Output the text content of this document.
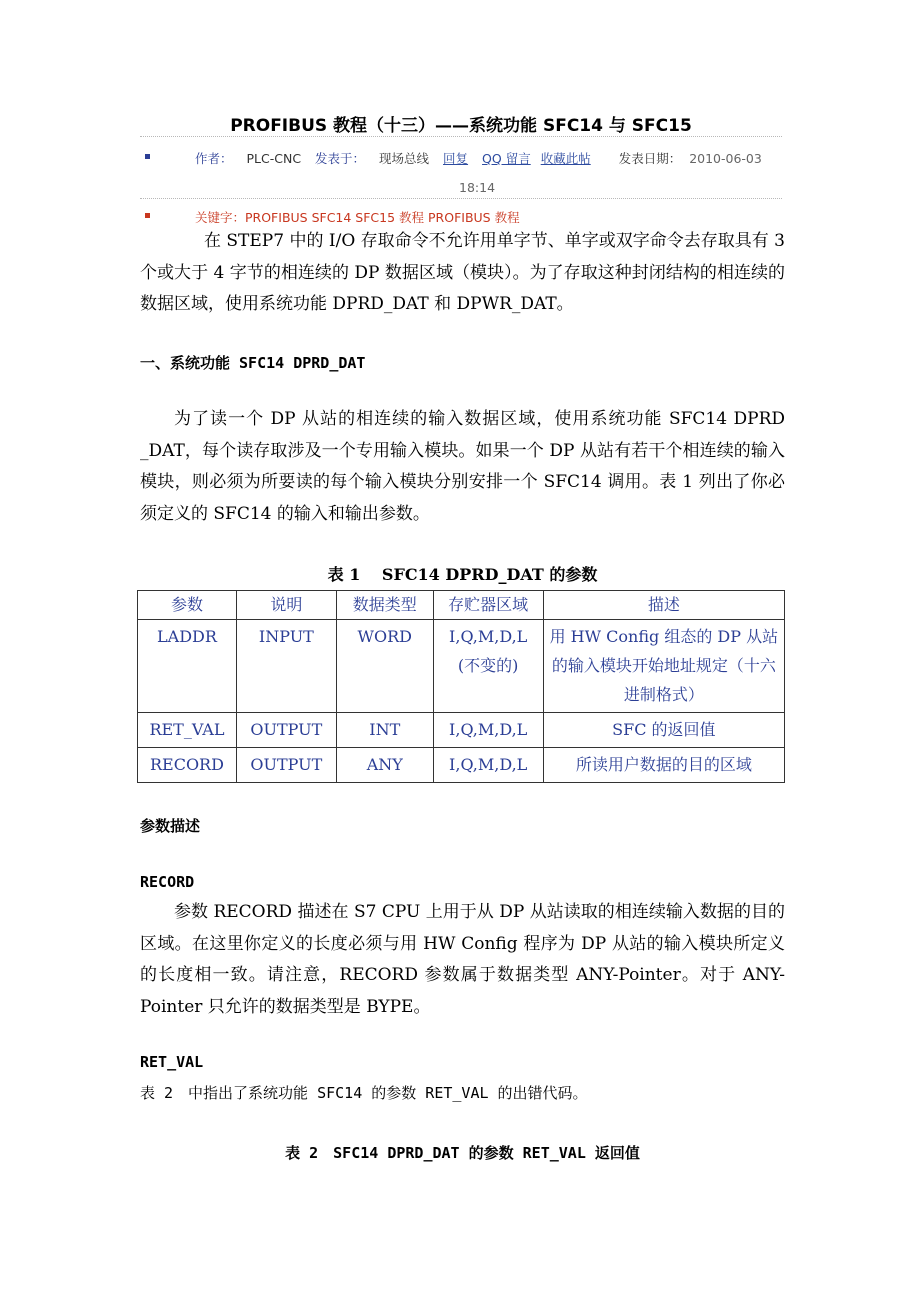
PROFIBUS 教程（十三）——系统功能 SFC14 与 SFC15
作者： PLC-CNC 发表于： 现场总线 回复 QQ 留言 收藏此帖 发表日期： 2010-06-03
18:14
关键字：PROFIBUS SFC14 SFC15 教程 PROFIBUS 教程

在 STEP7 中的 I/O 存取命令不允许用单字节、单字或双字命令去存取具有 3 个或大于 4 字节的相连续的 DP 数据区域（模块）。为了存取这种封闭结构的相连续的数据区域，使用系统功能 DPRD_DAT 和 DPWR_DAT。

一、系统功能 SFC14 DPRD_DAT

为了读一个 DP 从站的相连续的输入数据区域，使用系统功能 SFC14 DPRD _DAT，每个读存取涉及一个专用输入模块。如果一个 DP 从站有若干个相连续的输入模块，则必须为所要读的每个输入模块分别安排一个 SFC14 调用。表 1 列出了你必须定义的 SFC14 的输入和输出参数。

表 1　 SFC14 DPRD_DAT 的参数

参数	说明	数据类型	存贮器区域	描述
LADDR	INPUT	WORD	I,Q,M,D,L (不变的)	用 HW Config 组态的 DP 从站的输入模块开始地址规定（十六进制格式）
RET_VAL	OUTPUT	INT	I,Q,M,D,L	SFC 的返回值
RECORD	OUTPUT	ANY	I,Q,M,D,L	所读用户数据的目的区域

参数描述

RECORD

参数 RECORD 描述在 S7 CPU 上用于从 DP 从站读取的相连续输入数据的目的区域。在这里你定义的长度必须与用 HW Config 程序为 DP 从站的输入模块所定义的长度相一致。请注意，RECORD 参数属于数据类型 ANY-Pointer。对于 ANY-Pointer 只允许的数据类型是 BYPE。

RET_VAL

表 2　中指出了系统功能 SFC14 的参数 RET_VAL 的出错代码。

表 2　SFC14 DPRD_DAT 的参数 RET_VAL 返回值
